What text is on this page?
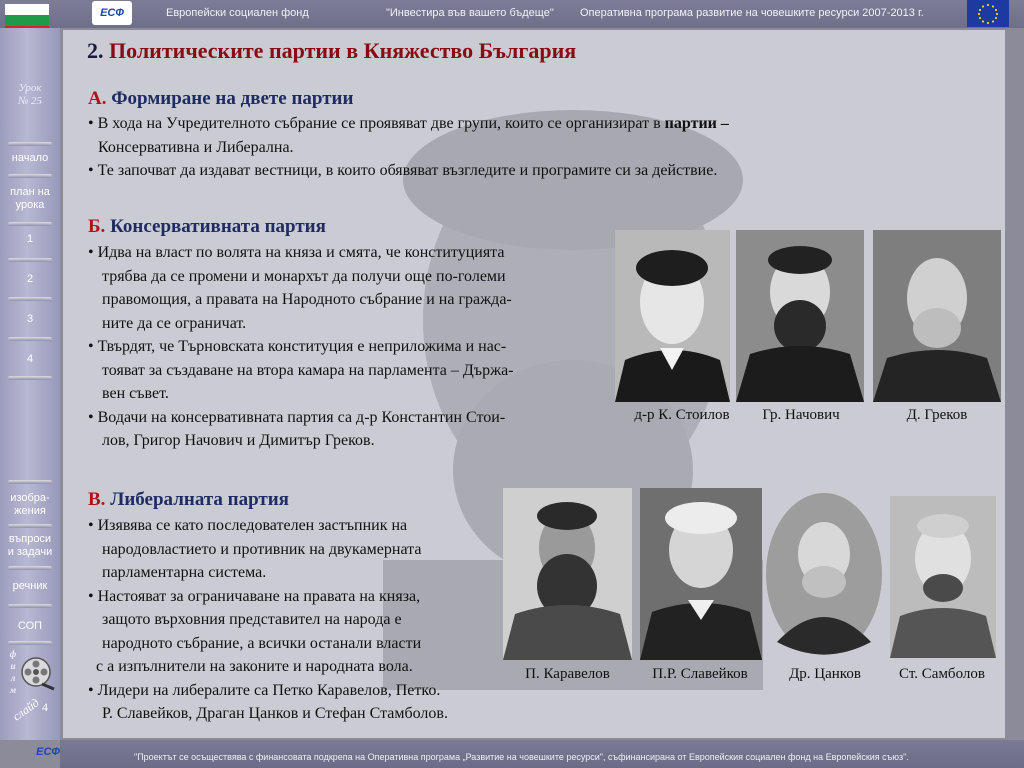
ЕСФ	Европейски социален фонд	"Инвестира във вашето бъдеще" Оперативна програма развитие на човешките ресурси 2007-2013 г.
Урок
№ 25
начало
план на
урока
1
2
3
4
изобра-
жения
въпроси
и задачи
речник
СОП
ф
и
л
м
слайд 4
ЕСФ	"Проектът се осъществява с финансовата подкрепа на Оперативна програма „Развитие на човешките ресурси", съфинансирана от Европейския социален фонд на Европейския съюз".
2. Политическите партии в Княжество България
А. Формиране на двете партии
• В хода на Учредителното събрание се проявяват две групи, които се организират в партии –
Консервативна и Либерална.
• Те започват да издават вестници, в които обявяват възгледите и програмите си за действие.
Б. Консервативната партия
• Идва на власт по волята на княза и смята, че конституцията
трябва да се промени и монархът да получи още по-големи
правомощия, а правата на Народното събрание и на гражда-
ните да се ограничат.
• Твърдят, че Търновската конституция е неприложима и нас-
тояват за създаване на втора камара на парламента – Държа-
вен съвет.
• Водачи на консервативната партия са д-р Константин Стои-
лов, Григор Начович и Димитър Греков.
д-р К. Стоилов	Гр. Начович	Д. Греков
В. Либералната партия
• Изявява се като последователен застъпник на
народовластието и противник на двукамерната
парламентарна система.
• Настояват за ограничаване на правата на княза,
защото върховния представител на народа е
народното събрание, а всички останали власти
с а изпълнители на законите и народната вола.
• Лидери на либералите са Петко Каравелов, Петко.
Р. Славейков, Драган Цанков и Стефан Стамболов.
П. Каравелов	П.Р. Славейков	Др. Цанков	Ст. Самболов
